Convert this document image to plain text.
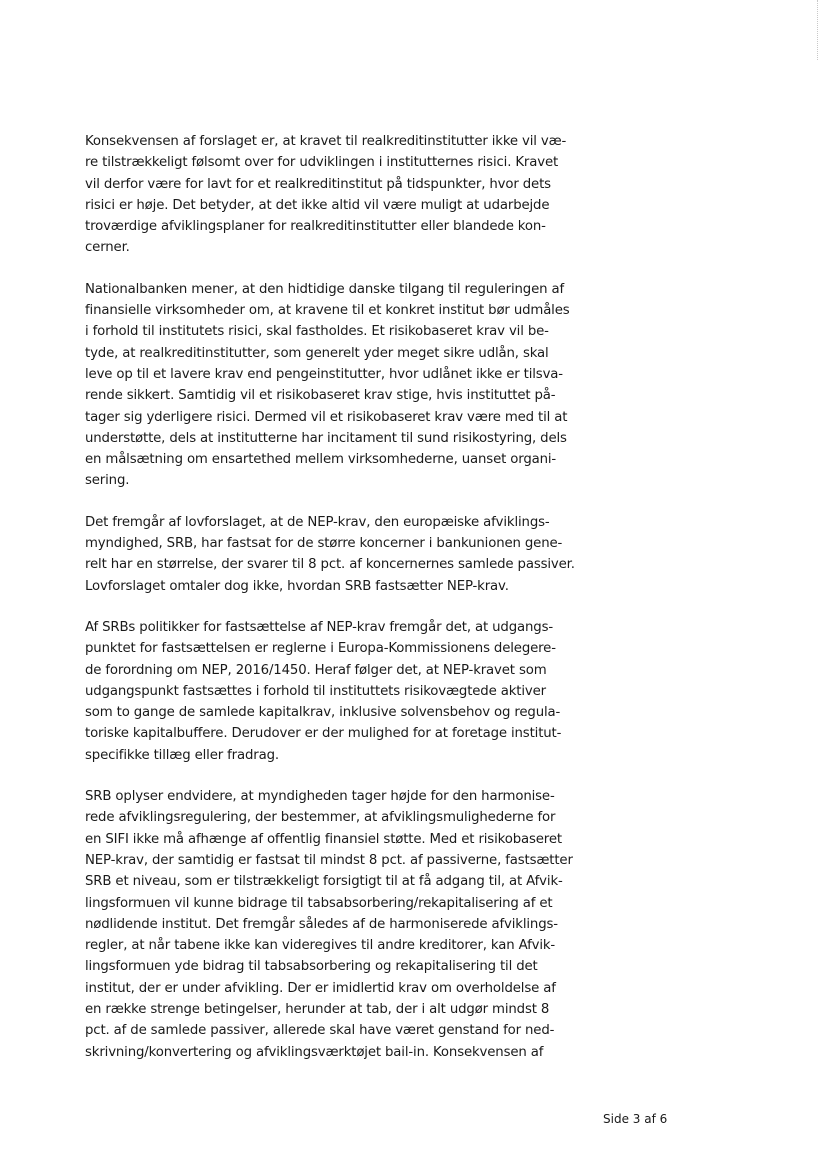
Konsekvensen af forslaget er, at kravet til realkreditinstitutter ikke vil væ-
re tilstrækkeligt følsomt over for udviklingen i institutternes risici. Kravet
vil derfor være for lavt for et realkreditinstitut på tidspunkter, hvor dets
risici er høje. Det betyder, at det ikke altid vil være muligt at udarbejde
troværdige afviklingsplaner for realkreditinstitutter eller blandede kon-
cerner.

Nationalbanken mener, at den hidtidige danske tilgang til reguleringen af
finansielle virksomheder om, at kravene til et konkret institut bør udmåles
i forhold til institutets risici, skal fastholdes. Et risikobaseret krav vil be-
tyde, at realkreditinstitutter, som generelt yder meget sikre udlån, skal
leve op til et lavere krav end pengeinstitutter, hvor udlånet ikke er tilsva-
rende sikkert. Samtidig vil et risikobaseret krav stige, hvis instituttet på-
tager sig yderligere risici. Dermed vil et risikobaseret krav være med til at
understøtte, dels at institutterne har incitament til sund risikostyring, dels
en målsætning om ensartethed mellem virksomhederne, uanset organi-
sering.

Det fremgår af lovforslaget, at de NEP-krav, den europæiske afviklings-
myndighed, SRB, har fastsat for de større koncerner i bankunionen gene-
relt har en størrelse, der svarer til 8 pct. af koncernernes samlede passiver.
Lovforslaget omtaler dog ikke, hvordan SRB fastsætter NEP-krav.

Af SRBs politikker for fastsættelse af NEP-krav fremgår det, at udgangs-
punktet for fastsættelsen er reglerne i Europa-Kommissionens delegere-
de forordning om NEP, 2016/1450. Heraf følger det, at NEP-kravet som
udgangspunkt fastsættes i forhold til instituttets risikovægtede aktiver
som to gange de samlede kapitalkrav, inklusive solvensbehov og regula-
toriske kapitalbuffere. Derudover er der mulighed for at foretage institut-
specifikke tillæg eller fradrag.

SRB oplyser endvidere, at myndigheden tager højde for den harmonise-
rede afviklingsregulering, der bestemmer, at afviklingsmulighederne for
en SIFI ikke må afhænge af offentlig finansiel støtte. Med et risikobaseret
NEP-krav, der samtidig er fastsat til mindst 8 pct. af passiverne, fastsætter
SRB et niveau, som er tilstrækkeligt forsigtigt til at få adgang til, at Afvik-
lingsformuen vil kunne bidrage til tabsabsorbering/rekapitalisering af et
nødlidende institut. Det fremgår således af de harmoniserede afviklings-
regler, at når tabene ikke kan videregives til andre kreditorer, kan Afvik-
lingsformuen yde bidrag til tabsabsorbering og rekapitalisering til det
institut, der er under afvikling. Der er imidlertid krav om overholdelse af
en række strenge betingelser, herunder at tab, der i alt udgør mindst 8
pct. af de samlede passiver, allerede skal have været genstand for ned-
skrivning/konvertering og afviklingsværktøjet bail-in. Konsekvensen af

Side 3 af 6
